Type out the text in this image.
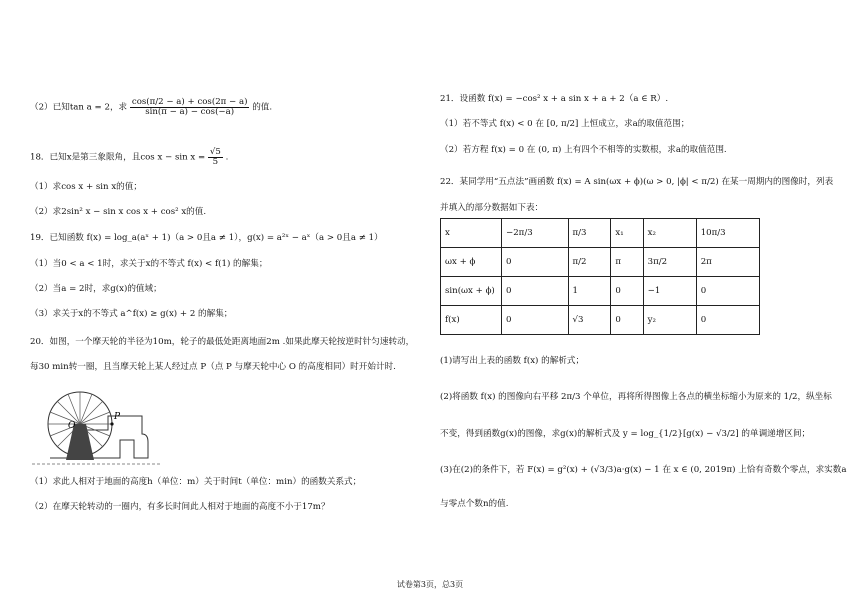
（2）已知tan a = 2，求 $\frac{\cos(\pi/2 - a) + \cos(2\pi - a)}{\sin(\pi - a) - \cos(-a)}$ 的值.
18．已知x是第三象限角，且$\cos x - \sin x = \frac{√5}{5}$ .
（1）求cos x + sin x的值；
（2）求2sin² x − sin x cos x + cos² x的值.
19．已知函数 f(x) = log_a(aˣ + 1)（a > 0且a ≠ 1），g(x) = a²ˣ − aˣ（a > 0且a ≠ 1）
（1）当0 < a < 1时，求关于x的不等式 f(x) < f(1) 的解集；
（2）当a = 2时，求g(x)的值域；
（3）求关于x的不等式 a^f(x) ≥ g(x) + 2 的解集；
20．如图，一个摩天轮的半径为10m，轮子的最低处距离地面2m .如果此摩天轮按逆时针匀速转动，
每30 min转一圈，且当摩天轮上某人经过点 P（点 P 与摩天轮中心 O 的高度相同）时开始计时.
P
O
（1）求此人相对于地面的高度h（单位：m）关于时间t（单位：min）的函数关系式；
（2）在摩天轮转动的一圈内，有多长时间此人相对于地面的高度不小于17m？
21．设函数 f(x) = −cos² x + a sin x + a + 2（a ∈ R）.
（1）若不等式 f(x) < 0 在 [0, π/2] 上恒成立，求a的取值范围；
（2）若方程 f(x) = 0 在 (0, π) 上有四个不相等的实数根，求a的取值范围.
22．某同学用“五点法”画函数 f(x) = A sin(ωx + ϕ)(ω > 0, |ϕ| < π/2) 在某一周期内的图像时，列表
并填入的部分数据如下表：
x	−2π/3	π/3	x₁	x₂	10π/3
ωx + ϕ	0	π/2	π	3π/2	2π
sin(ωx + ϕ)	0	1	0	−1	0
f(x)	0	√3	0	y₂	0
(1)请写出上表的函数 f(x) 的解析式；
(2)将函数 f(x) 的图像向右平移 2π/3 个单位，再将所得图像上各点的横坐标缩小为原来的 1/2，纵坐标
不变，得到函数g(x)的图像，求g(x)的解析式及 y = log_{1/2}[g(x) − √3/2] 的单调递增区间；
(3)在(2)的条件下，若 F(x) = g²(x) + (√3/3)a·g(x) − 1 在 x ∈ (0, 2019π) 上恰有奇数个零点，求实数a
与零点个数n的值.
试卷第3页，总3页
